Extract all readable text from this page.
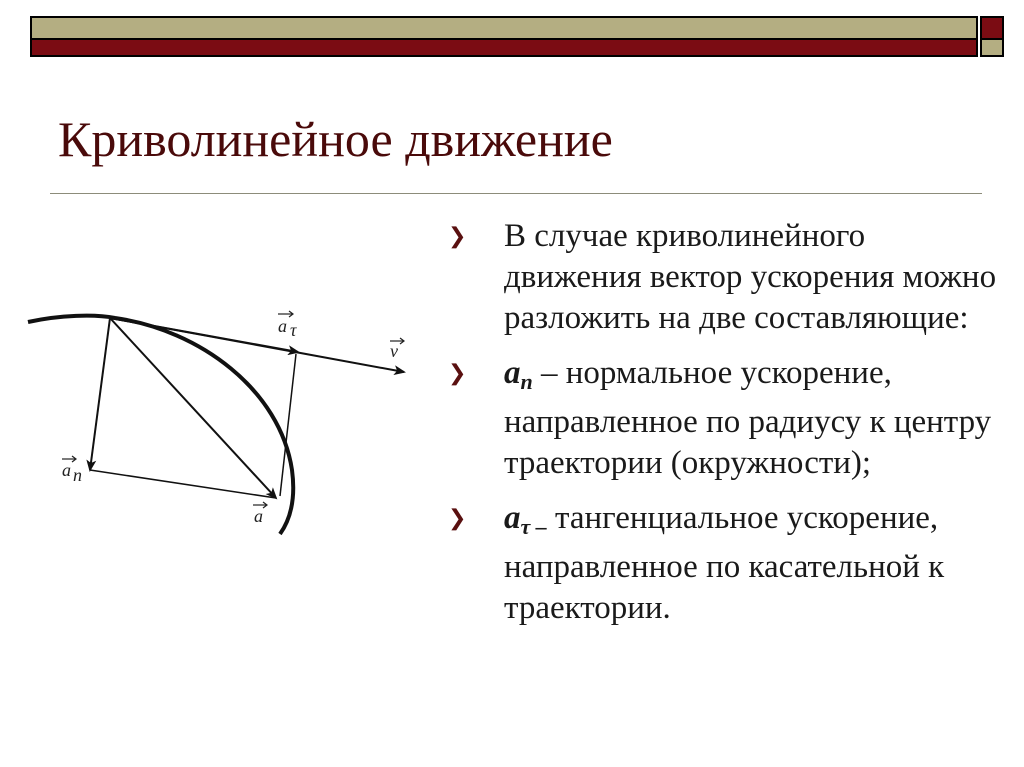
Криволинейное движение
a τ
v
a n
a
❯ В случае криволинейного движения вектор ускорения можно разложить на две составляющие:
❯ $a_n$ – нормальное ускорение, направленное по радиусу к центру траектории (окружности);
❯ $a_{\tau -}$ тангенциальное ускорение, направленное по касательной к траектории.
